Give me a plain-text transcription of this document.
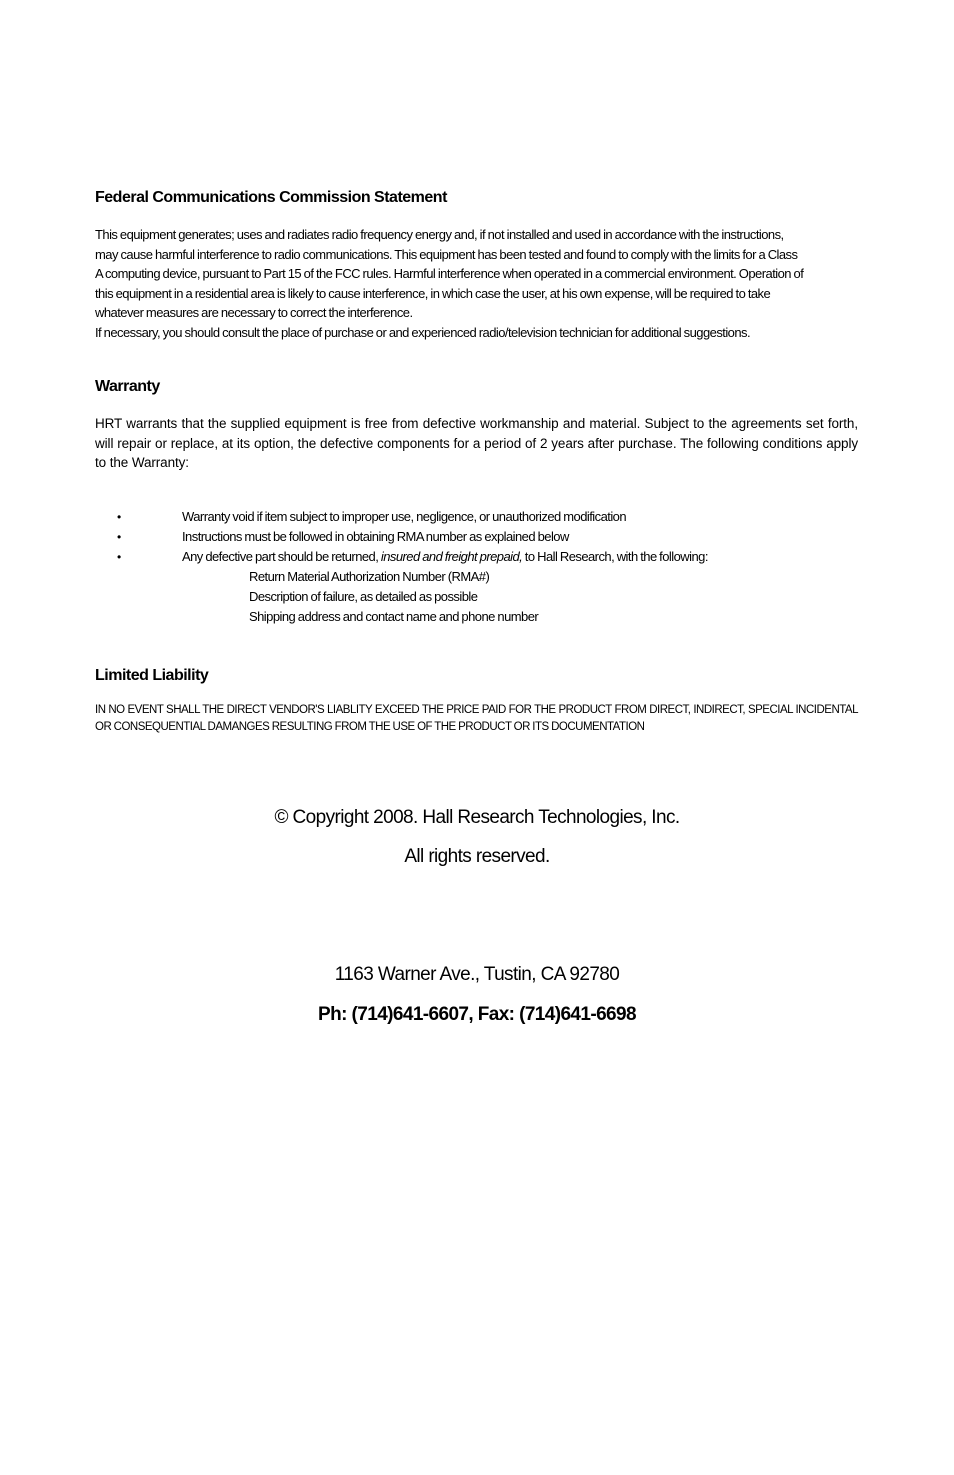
Federal Communications Commission Statement

This equipment generates; uses and radiates radio frequency energy and, if not installed and used in accordance with the instructions,

may cause harmful interference to radio communications. This equipment has been tested and found to comply with the limits for a Class

A computing device, pursuant to Part 15 of the FCC rules. Harmful interference when operated in a commercial environment. Operation of

this equipment in a residential area is likely to cause interference, in which case the user, at his own expense, will be required to take

whatever measures are necessary to correct the interference.

If necessary, you should consult the place of purchase or and experienced radio/television technician for additional suggestions.

Warranty

HRT warrants that the supplied equipment is free from defective workmanship and material. Subject to the agreements set forth, will repair or replace, at its option, the defective components for a period of 2 years after purchase. The following conditions apply to the Warranty:

•	Warranty void if item subject to improper use, negligence, or unauthorized modification
•	Instructions must be followed in obtaining RMA number as explained below
•	Any defective part should be returned, insured and freight prepaid, to Hall Research, with the following:
Return Material Authorization Number (RMA#)
Description of failure, as detailed as possible
Shipping address and contact name and phone number
Limited Liability

IN NO EVENT SHALL THE DIRECT VENDOR'S LIABLITY EXCEED THE PRICE PAID FOR THE PRODUCT FROM DIRECT, INDIRECT, SPECIAL INCIDENTAL OR CONSEQUENTIAL DAMANGES RESULTING FROM THE USE OF THE PRODUCT OR ITS DOCUMENTATION

© Copyright 2008. Hall Research Technologies, Inc.
All rights reserved.
1163 Warner Ave., Tustin, CA 92780
Ph: (714)641-6607, Fax: (714)641-6698
